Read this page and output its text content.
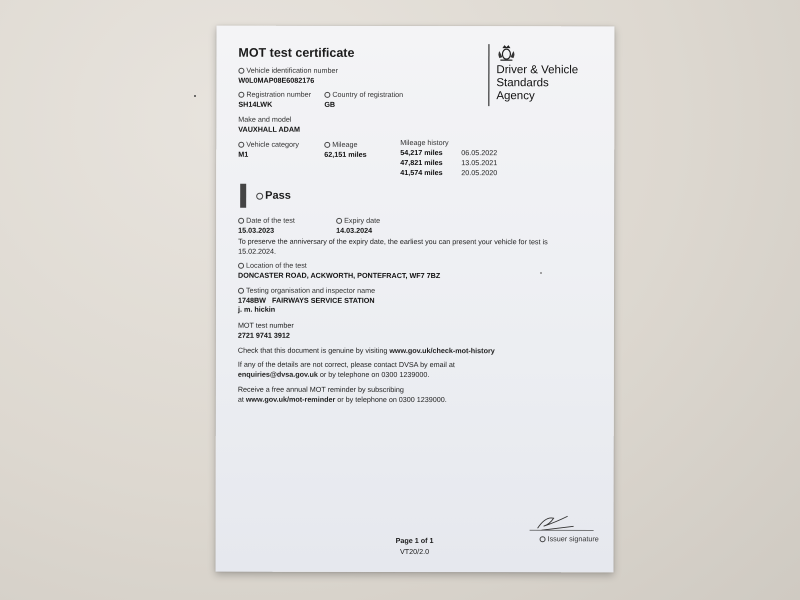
MOT test certificate
Driver & Vehicle
Standards
Agency
Vehicle identification number
W0L0MAP08E6082176
Registration number
SH14LWK
Country of registration
GB
Make and model
VAUXHALL ADAM
Vehicle category
M1
Mileage
62,151 miles
Mileage history
54,217 miles	06.05.2022
47,821 miles	13.05.2021
41,574 miles	20.05.2020
Pass
Date of the test
15.03.2023
Expiry date
14.03.2024
To preserve the anniversary of the expiry date, the earliest you can present your vehicle for test is
15.02.2024.
Location of the test
DONCASTER ROAD, ACKWORTH, PONTEFRACT, WF7 7BZ
Testing organisation and inspector name
1748BW   FAIRWAYS SERVICE STATION
j. m. hickin
MOT test number
2721 9741 3912
Check that this document is genuine by visiting www.gov.uk/check-mot-history
If any of the details are not correct, please contact DVSA by email at
enquiries@dvsa.gov.uk or by telephone on 0300 1239000.
Receive a free annual MOT reminder by subscribing
at www.gov.uk/mot-reminder or by telephone on 0300 1239000.
Issuer signature
Page 1 of 1
VT20/2.0
